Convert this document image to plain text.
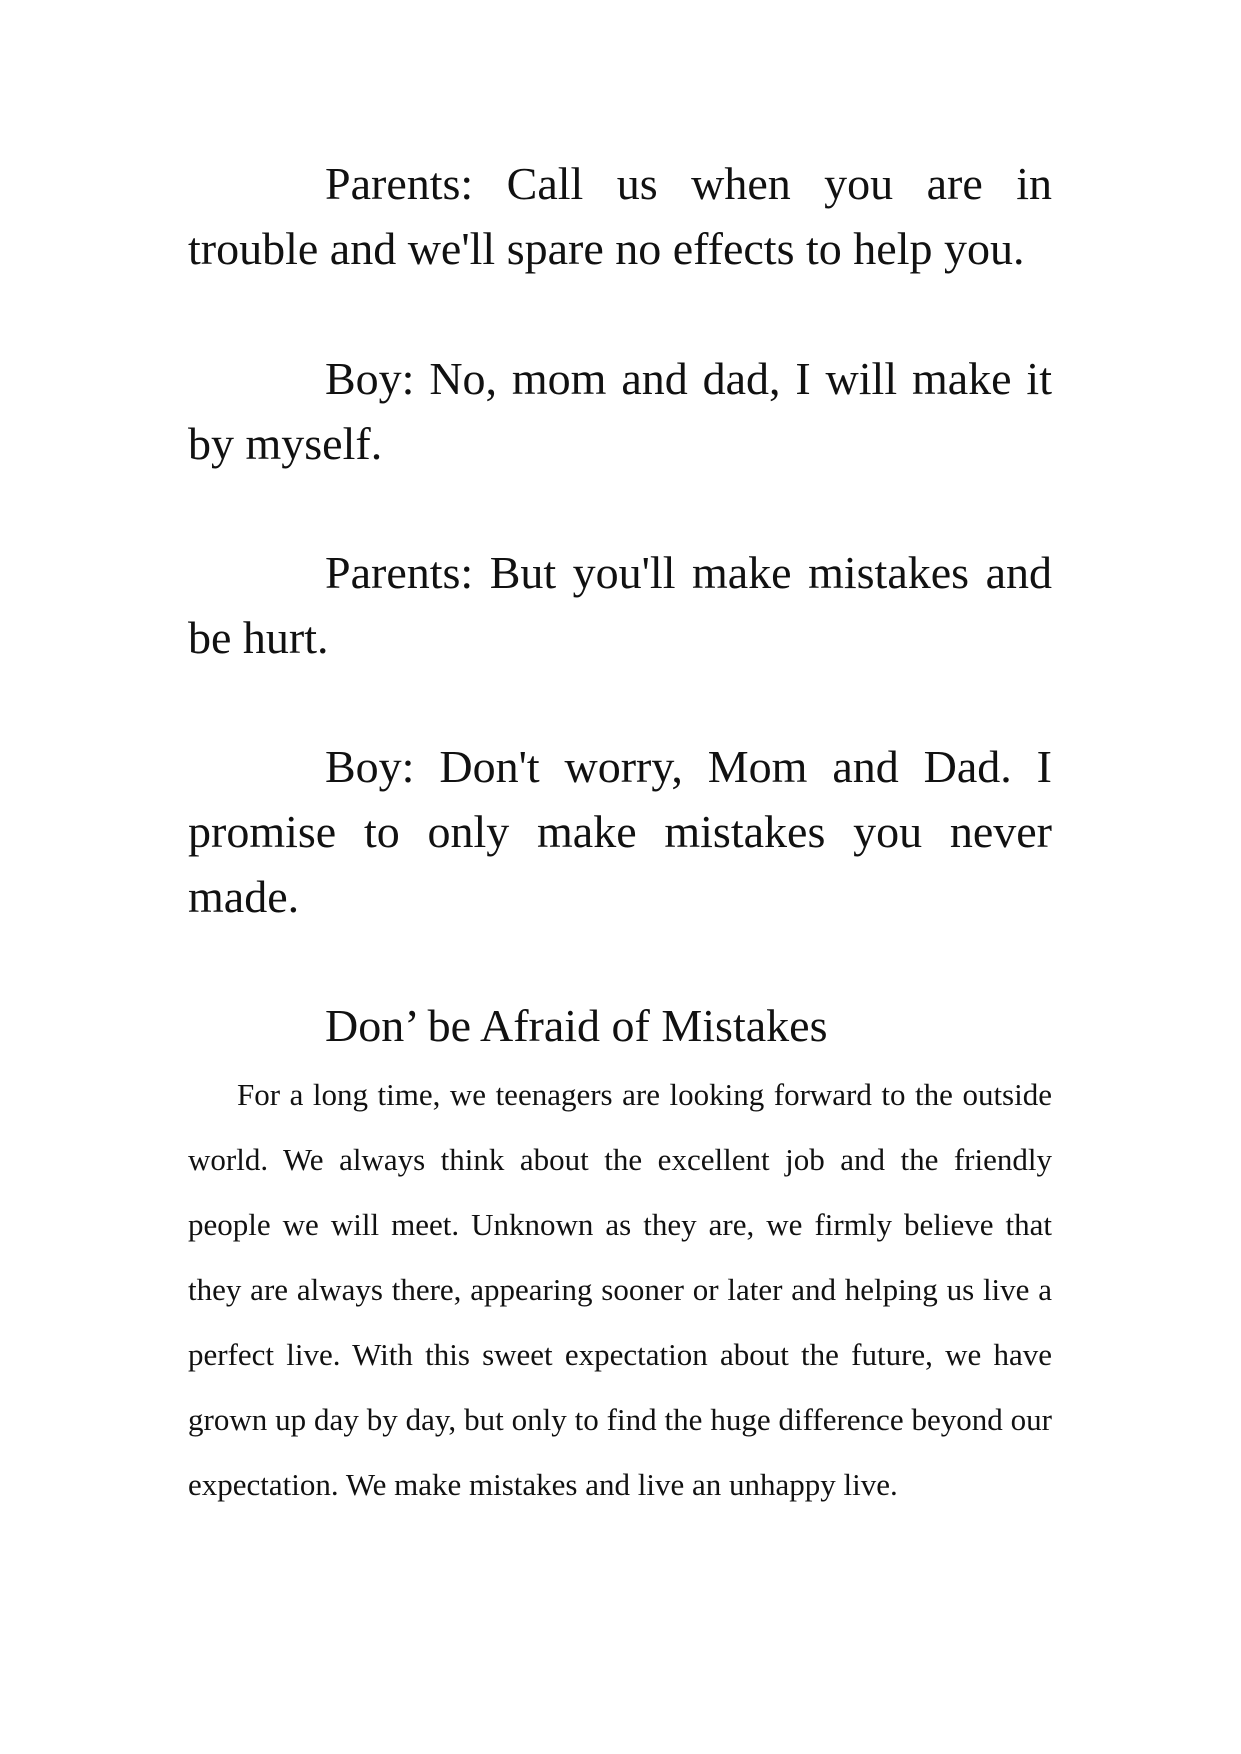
Parents: Call us when you are in trouble and we'll spare no effects to help you.

Boy: No, mom and dad, I will make it by myself.

Parents: But you'll make mistakes and be hurt.

Boy: Don't worry, Mom and Dad. I promise to only make mistakes you never made.

Don’ be Afraid of Mistakes

For a long time, we teenagers are looking forward to the outside world. We always think about the excellent job and the friendly people we will meet. Unknown as they are, we firmly believe that they are always there, appearing sooner or later and helping us live a perfect live. With this sweet expectation about the future, we have grown up day by day, but only to find the huge difference beyond our expectation. We make mistakes and live an unhappy live.
